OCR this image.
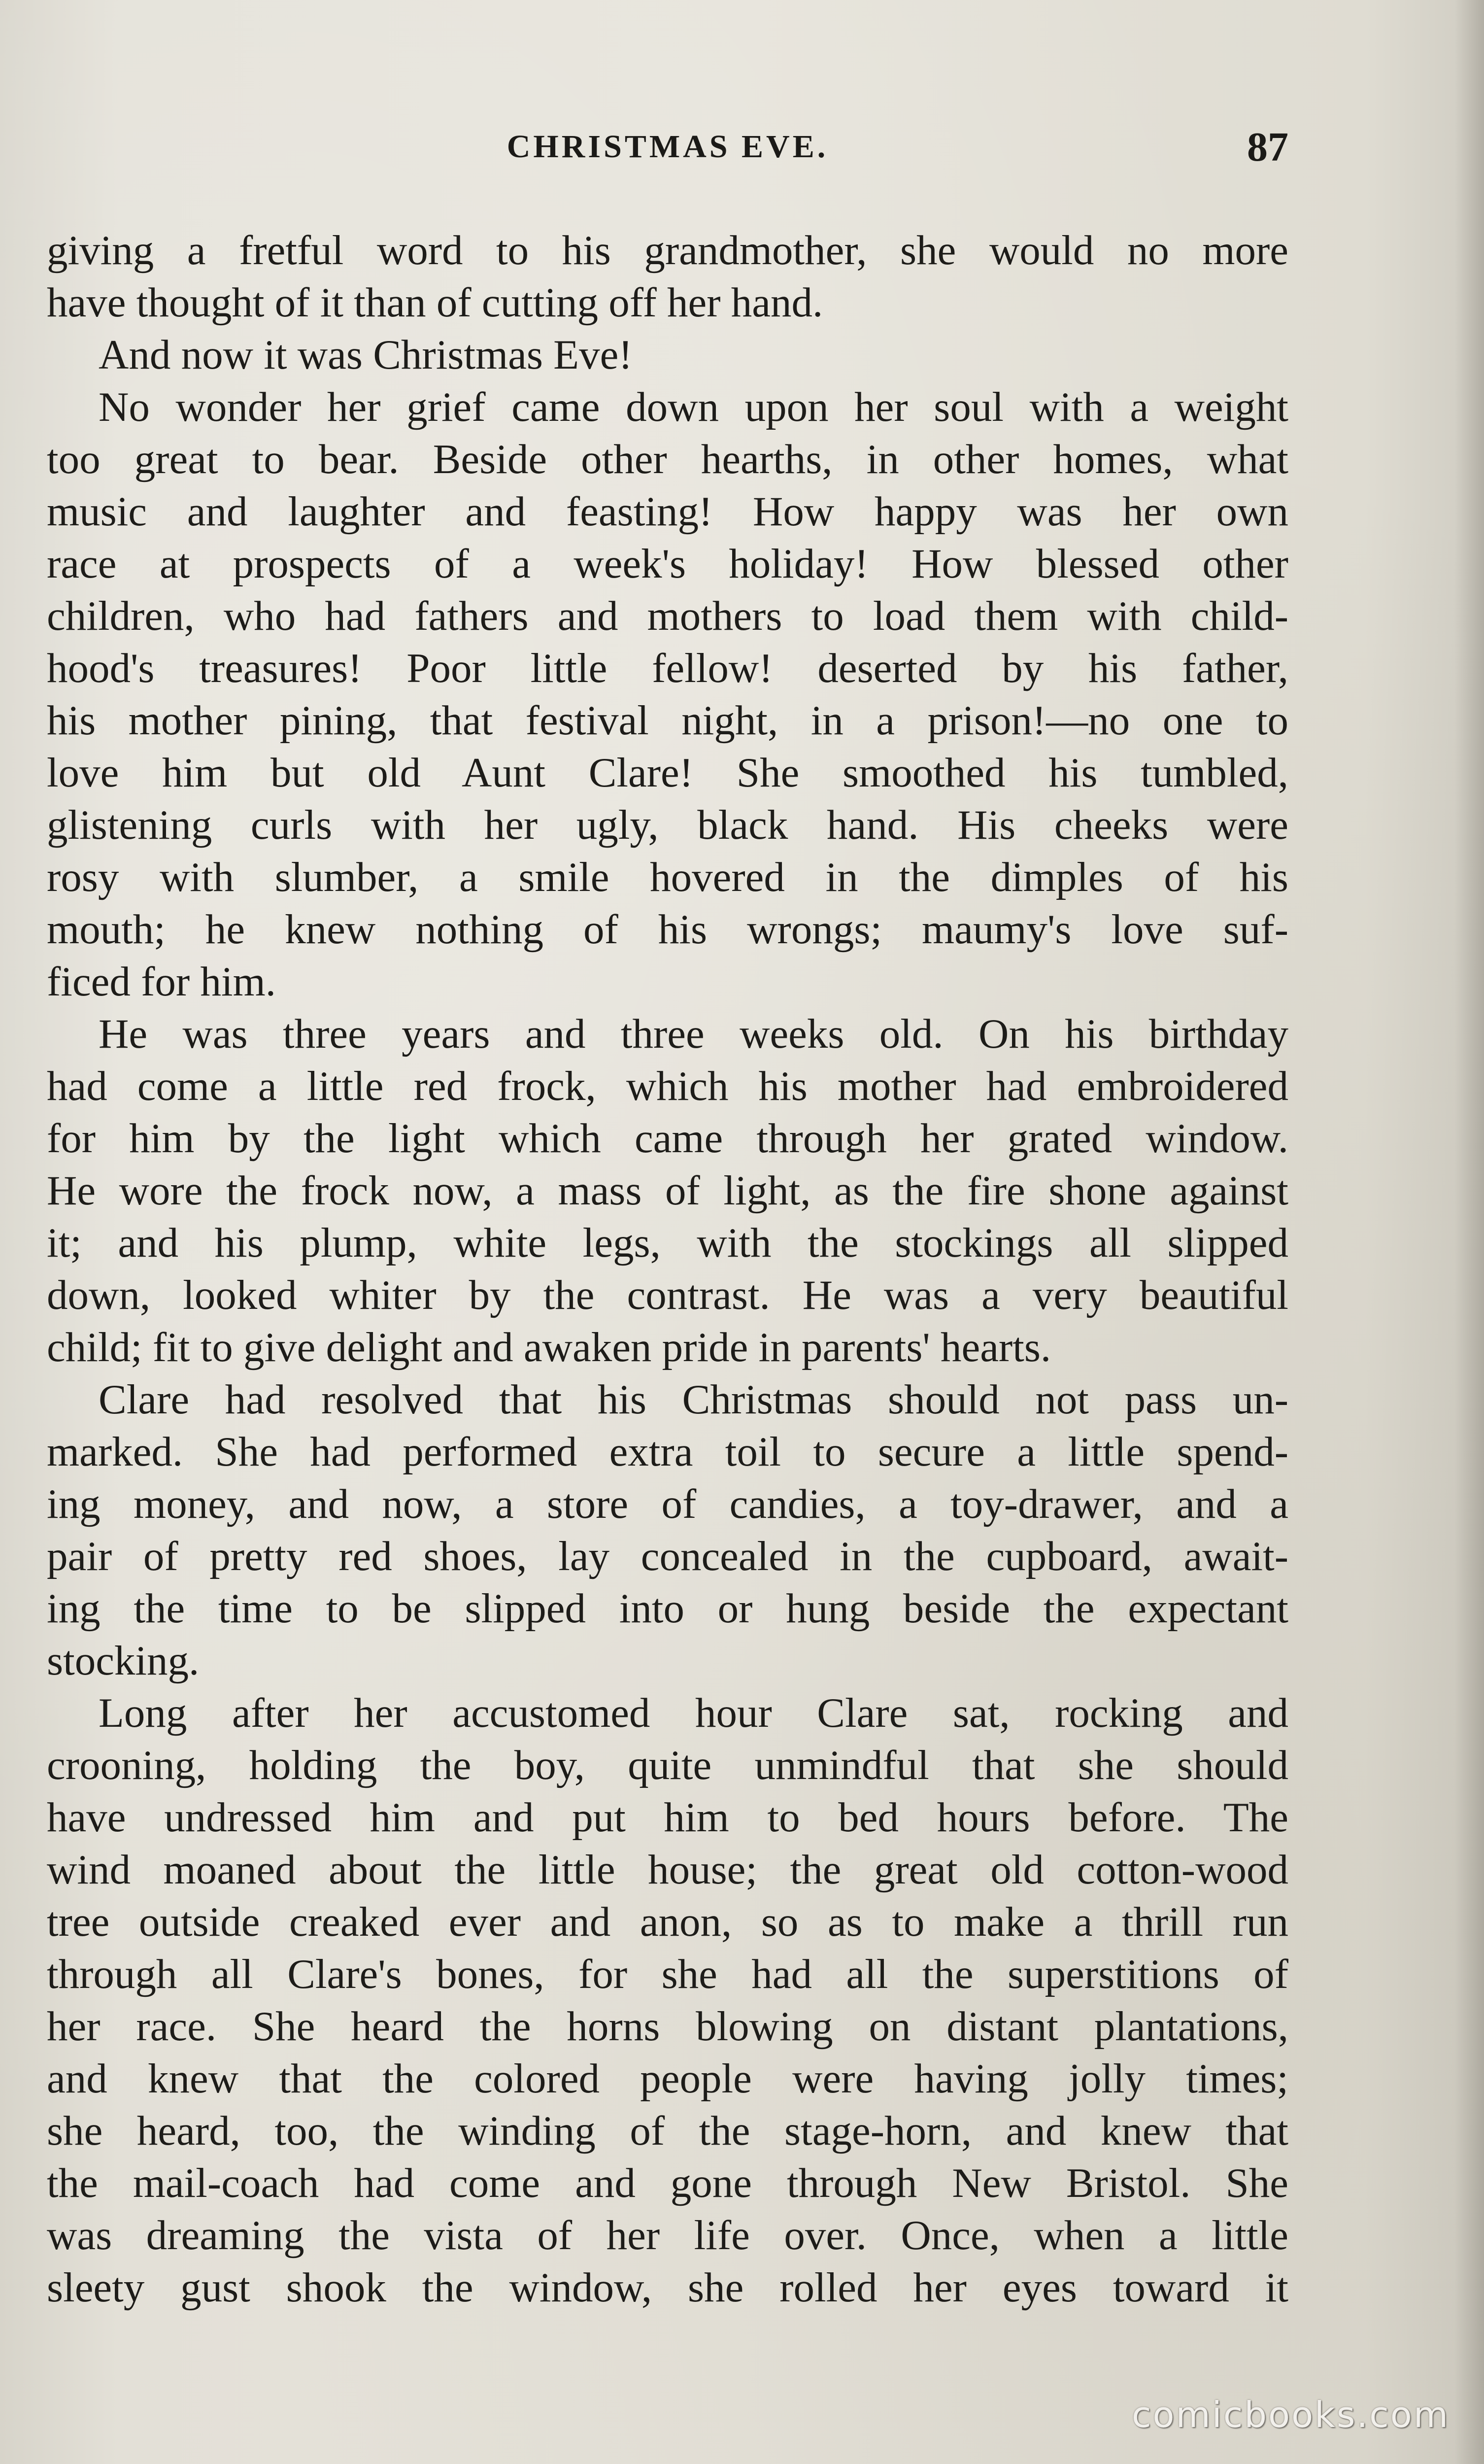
CHRISTMAS EVE.	87
giving a fretful word to his grandmother, she would no more
have thought of it than of cutting off her hand.
And now it was Christmas Eve!
No wonder her grief came down upon her soul with a weight
too great to bear. Beside other hearths, in other homes, what
music and laughter and feasting! How happy was her own
race at prospects of a week's holiday! How blessed other
children, who had fathers and mothers to load them with child-
hood's treasures! Poor little fellow! deserted by his father,
his mother pining, that festival night, in a prison!—no one to
love him but old Aunt Clare! She smoothed his tumbled,
glistening curls with her ugly, black hand. His cheeks were
rosy with slumber, a smile hovered in the dimples of his
mouth; he knew nothing of his wrongs; maumy's love suf-
ficed for him.
He was three years and three weeks old. On his birthday
had come a little red frock, which his mother had embroidered
for him by the light which came through her grated window.
He wore the frock now, a mass of light, as the fire shone against
it; and his plump, white legs, with the stockings all slipped
down, looked whiter by the contrast. He was a very beautiful
child; fit to give delight and awaken pride in parents' hearts.
Clare had resolved that his Christmas should not pass un-
marked. She had performed extra toil to secure a little spend-
ing money, and now, a store of candies, a toy-drawer, and a
pair of pretty red shoes, lay concealed in the cupboard, await-
ing the time to be slipped into or hung beside the expectant
stocking.
Long after her accustomed hour Clare sat, rocking and
crooning, holding the boy, quite unmindful that she should
have undressed him and put him to bed hours before. The
wind moaned about the little house; the great old cotton-wood
tree outside creaked ever and anon, so as to make a thrill run
through all Clare's bones, for she had all the superstitions of
her race. She heard the horns blowing on distant plantations,
and knew that the colored people were having jolly times;
she heard, too, the winding of the stage-horn, and knew that
the mail-coach had come and gone through New Bristol. She
was dreaming the vista of her life over. Once, when a little
sleety gust shook the window, she rolled her eyes toward it
comicbooks.com
